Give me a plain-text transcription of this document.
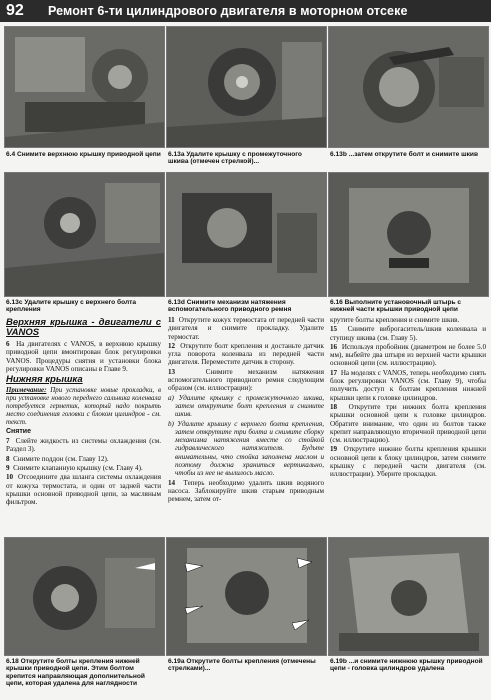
92 Ремонт 6-ти цилиндрового двигателя в моторном отсеке
6.4 Снимите верхнюю крышку приводной цепи 6.13a Удалите крышку с промежуточного шкива (отмечен стрелкой)...
6.13b ...затем открутите болт и снимите шкив
6.13c Удалите крышку с верхнего болта крепления
6.13d Снимите механизм натяжения вспомогательного приводного ремня
6.16 Выполните установочный штырь с нижней части крышки приводной цепи
Верхняя крышка - двигатели с VANOS

6 На двигателях с VANOS, в верхнюю крышку приводной цепи вмонтирован блок регулировки VANOS. Процедуры снятия и установки блока регулировки VANOS описаны в Главе 9.

Нижняя крышка

Примечание: При установке новые прокладки, в при установке нового переднего сальника коленвала потребуется герметик, который надо покрыть место соединения головки с блоком цилиндров - см. текст.

Снятие

7 Слейте жидкость из системы охлаждения (см. Раздел 3).

8 Снимите поддон (см. Главу 12).

9 Снимите клапанную крышку (см. Главу 4).

10 Отсоедините два шланга системы охлаждения от кожуха термостата, и один от задней части крышки основной приводной цепи, за масляным фильтром.

11 Открутите кожух термостата от передней части двигателя и снимите прокладку. Удалите термостат.

12 Открутите болт крепления и достаньте датчик угла поворота коленвала из передней части двигателя. Переместите датчик в сторону.

13	Снимите механизм натяжения вспомогательного приводного ремня следующим образом (см. иллюстрации):

a) Удалите крышку с промежуточного шкива, затем открутите болт крепления и снимите шкив.

b) Удалите крышку с верхнего болта крепления, затем открутите три болта и снимите сборку механизма натяжения вместе со стойкой гидравлического натяжителя. Будьте внимательны, что стойка заполнена маслом и поэтому должна храниться вертикально, чтобы из нее не вылилось масло.

14 Теперь необходимо удалить шкив водяного насоса. Заблокируйте шкив старым приводным ремнем, затем от-

крутите болты крепления и снимите шкив.

15 Снимите виброгаситель/шкив коленвала и ступицу шкива (см. Главу 5).

16 Используя пробойник (диаметром не более 5.0 мм), выбейте два штыря из верхней части крышки основной цепи (см. иллюстрацию).

17 На моделях с VANOS, теперь необходимо снять блок регулировки VANOS (см. Главу 9), чтобы получить доступ к болтам крепления нижней крышки цепи к головке цилиндров.

18 Открутите три нижних болта крепления крышки основной цепи к головке цилиндров. Обратите внимание, что один из болтов также крепит направляющую вторичной приводной цепи (см. иллюстрацию).

19 Открутите нижние болты крепления крышки основной цепи к блоку цилиндров, затем снимите крышку с передней части двигателя (см. иллюстрации). Уберите прокладки.

6.18 Открутите болты крепления нижней крышки приводной цепи. Этим болтом крепится направляющая дополнительной цепи, которая удалена для наглядности
6.19a Открутите болты крепления (отмечены стрелками)...
6.19b ...и снимите нижнюю крышку приводной цепи - головка цилиндров удалена
